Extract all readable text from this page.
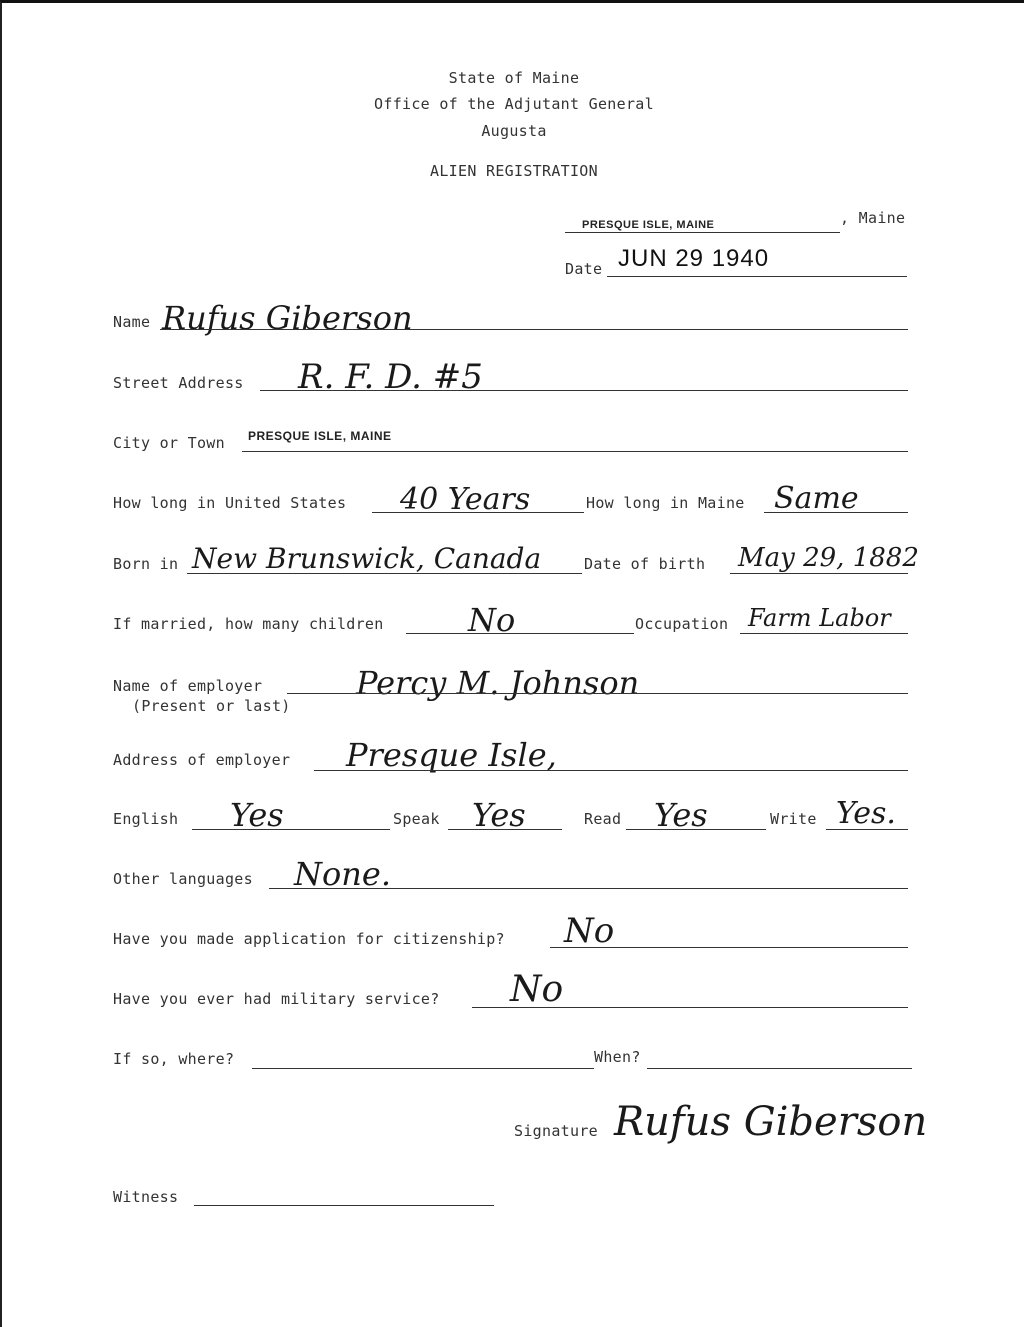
State of Maine
Office of the Adjutant General
Augusta
ALIEN REGISTRATION
PRESQUE ISLE, MAINE	, Maine
Date JUN 29 1940
Name Rufus Giberson
Street Address R. F. D. #5
City or Town PRESQUE ISLE, MAINE
How long in United States 40 Years	How long in Maine Same
Born in New Brunswick, Canada	Date of birth May 29, 1882
If married, how many children	No	Occupation Farm Labor
Name of employer
(Present or last)
Percy M. Johnson
Address of employer Presque Isle,
English Yes	Speak Yes	Read Yes	Write Yes.
Other languages None.
Have you made application for citizenship? No
Have you ever had military service? No
If so, where?	When?
Signature Rufus Giberson
Witness
